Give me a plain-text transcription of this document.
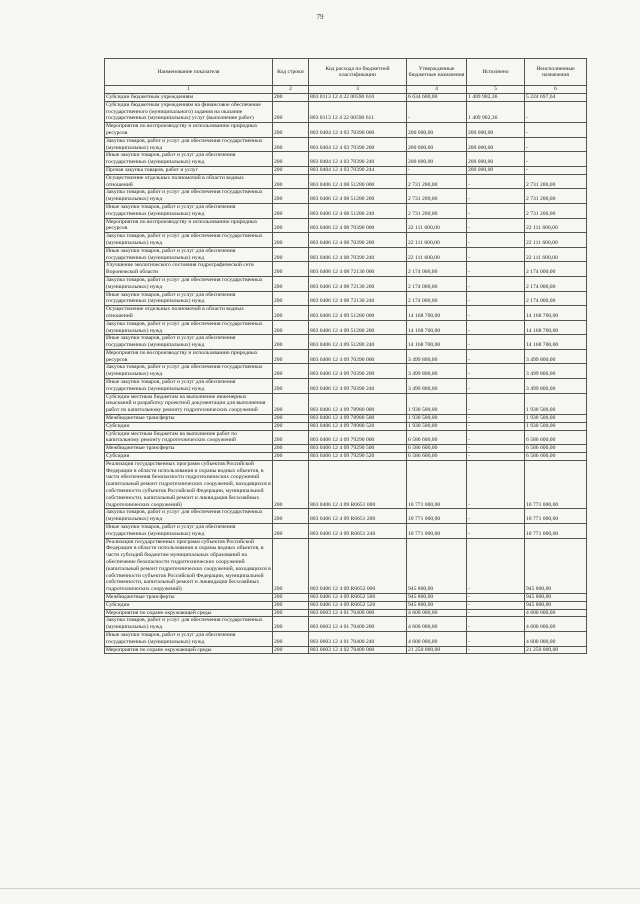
79
Наименование показателя	Код строки	Код расхода по бюджетной классификации	Утвержденные бюджетные назначения	Исполнено	Неисполненные назначения
1	2	3	4	5	6
Субсидии бюджетным учреждениям	200	803 0113 12 4 22 00590 610	6 634 600,00	1 409 902,36	5 224 697,64
Субсидии бюджетным учреждениям на финансовое обеспечение государственного (муниципального) задания на оказание государственных (муниципальных) услуг (выполнение работ)	200	803 0113 12 4 22 00590 611	-	1 409 902,36	-
Мероприятия по воспроизводству и использованию природных ресурсов	200	803 0404 12 4 03 70390 000	200 000,00	200 000,00	-
Закупка товаров, работ и услуг для обеспечения государственных (муниципальных) нужд	200	803 0404 12 4 03 70390 200	200 000,00	200 000,00	-
Иные закупки товаров, работ и услуг для обеспечения государственных (муниципальных) нужд	200	803 0404 12 4 03 70390 240	200 000,00	200 000,00	-
Прочая закупка товаров, работ и услуг	200	803 0404 12 4 03 70390 244	-	200 000,00	-
Осуществление отдельных полномочий в области водных отношений	200	803 0406 12 4 08 51280 000	2 731 200,00	-	2 731 200,00
Закупка товаров, работ и услуг для обеспечения государственных (муниципальных) нужд	200	803 0406 12 4 08 51280 200	2 731 200,00	-	2 731 200,00
Иные закупки товаров, работ и услуг для обеспечения государственных (муниципальных) нужд	200	803 0406 12 4 08 51280 240	2 731 200,00	-	2 731 200,00
Мероприятия по воспроизводству и использованию природных ресурсов	200	803 0406 12 4 08 70390 000	22 111 600,00	-	22 111 600,00
Закупка товаров, работ и услуг для обеспечения государственных (муниципальных) нужд	200	803 0406 12 4 08 70390 200	22 111 600,00	-	22 111 600,00
Иные закупки товаров, работ и услуг для обеспечения государственных (муниципальных) нужд	200	803 0406 12 4 08 70390 240	22 111 600,00	-	22 111 600,00
Улучшение экологического состояния гидрографической сети Воронежской области	200	803 0406 12 4 08 72130 000	2 174 000,00	-	2 174 000,00
Закупка товаров, работ и услуг для обеспечения государственных (муниципальных) нужд	200	803 0406 12 4 08 72130 200	2 174 000,00	-	2 174 000,00
Иные закупки товаров, работ и услуг для обеспечения государственных (муниципальных) нужд	200	803 0406 12 4 08 72130 240	2 174 000,00	-	2 174 000,00
Осуществление отдельных полномочий в области водных отношений	200	803 0406 12 4 09 51280 000	14 168 700,00	-	14 168 700,00
Закупка товаров, работ и услуг для обеспечения государственных (муниципальных) нужд	200	803 0406 12 4 09 51280 200	14 168 700,00	-	14 168 700,00
Иные закупки товаров, работ и услуг для обеспечения государственных (муниципальных) нужд	200	803 0406 12 4 09 51280 240	14 168 700,00	-	14 168 700,00
Мероприятия по воспроизводству и использованию природных ресурсов	200	803 0406 12 4 09 70390 000	3 499 800,00	-	3 499 800,00
Закупка товаров, работ и услуг для обеспечения государственных (муниципальных) нужд	200	803 0406 12 4 09 70390 200	3 499 800,00	-	3 499 800,00
Иные закупки товаров, работ и услуг для обеспечения государственных (муниципальных) нужд	200	803 0406 12 4 09 70390 240	3 499 800,00	-	3 499 800,00
Субсидии местным бюджетам на выполнение инженерных изысканий и разработку проектной документации для выполнения работ по капитальному ремонту гидротехнических сооружений	200	803 0406 12 4 09 78980 000	1 930 500,00	-	1 930 500,00
Межбюджетные трансферты	200	803 0406 12 4 09 78980 500	1 930 500,00	-	1 930 500,00
Субсидии	200	803 0406 12 4 09 78980 520	1 930 500,00	-	1 930 500,00
Субсидии местным бюджетам на выполнение работ по капитальному ремонту гидротехнических сооружений	200	803 0406 12 4 09 79290 000	6 586 600,00	-	6 586 600,00
Межбюджетные трансферты	200	803 0406 12 4 09 79290 500	6 586 600,00	-	6 586 600,00
Субсидии	200	803 0406 12 4 09 79290 520	6 586 600,00	-	6 586 600,00
Реализация государственных программ субъектов Российской Федерации в области использования и охраны водных объектов, в части обеспечения безопасности гидротехнических сооружений (капитальный ремонт гидротехнических сооружений, находящихся в собственности субъектов Российской Федерации, муниципальной собственности, капитальный ремонт и ликвидация бесхозяйных гидротехнических сооружений)	200	803 0406 12 4 09 R0651 000	10 771 000,00	-	10 771 000,00
Закупка товаров, работ и услуг для обеспечения государственных (муниципальных) нужд	200	803 0406 12 4 09 R0651 200	10 771 000,00	-	10 771 000,00
Иные закупки товаров, работ и услуг для обеспечения государственных (муниципальных) нужд	200	803 0406 12 4 09 R0651 240	10 771 000,00	-	10 771 000,00
Реализация государственных программ субъектов Российской Федерации в области использования и охраны водных объектов, в части субсидий бюджетам муниципальных образований на обеспечение безопасности гидротехнических сооружений (капитальный ремонт гидротехнических сооружений, находящихся в собственности субъектов Российской Федерации, муниципальной собственности, капитальный ремонт и ликвидация бесхозяйных гидротехнических сооружений)	200	803 0406 12 4 09 R0652 000	945 800,00	-	945 800,00
Межбюджетные трансферты	200	803 0406 12 4 09 R0652 500	945 800,00	-	945 800,00
Субсидии	200	803 0406 12 4 09 R0652 520	945 800,00	-	945 800,00
Мероприятия по охране окружающей среды	200	803 0603 12 4 01 70400 000	4 600 000,00	-	4 600 000,00
Закупка товаров, работ и услуг для обеспечения государственных (муниципальных) нужд	200	803 0603 12 4 01 70400 200	4 600 000,00	-	4 600 000,00
Иные закупки товаров, работ и услуг для обеспечения государственных (муниципальных) нужд	200	803 0603 12 4 01 70400 240	4 600 000,00	-	4 600 000,00
Мероприятия по охране окружающей среды	200	803 0603 12 4 02 70400 000	21 250 000,00	-	21 250 000,00
